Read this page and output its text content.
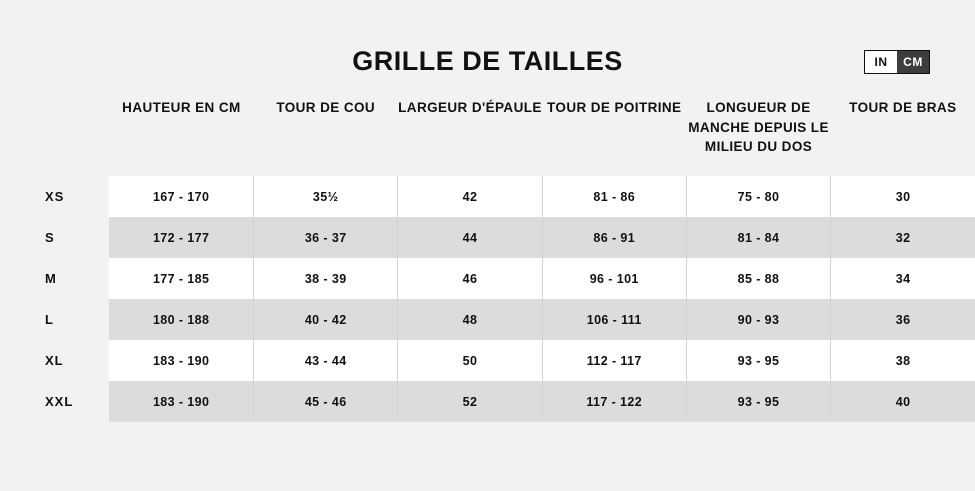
GRILLE DE TAILLES	IN	CM
	HAUTEUR EN CM	TOUR DE COU	LARGEUR D'ÉPAULE	TOUR DE POITRINE	LONGUEUR DE MANCHE DEPUIS LE MILIEU DU DOS	TOUR DE BRAS
XS	167 - 170	35½	42	81 - 86	75 - 80	30
S	172 - 177	36 - 37	44	86 - 91	81 - 84	32
M	177 - 185	38 - 39	46	96 - 101	85 - 88	34
L	180 - 188	40 - 42	48	106 - 111	90 - 93	36
XL	183 - 190	43 - 44	50	112 - 117	93 - 95	38
XXL	183 - 190	45 - 46	52	117 - 122	93 - 95	40
